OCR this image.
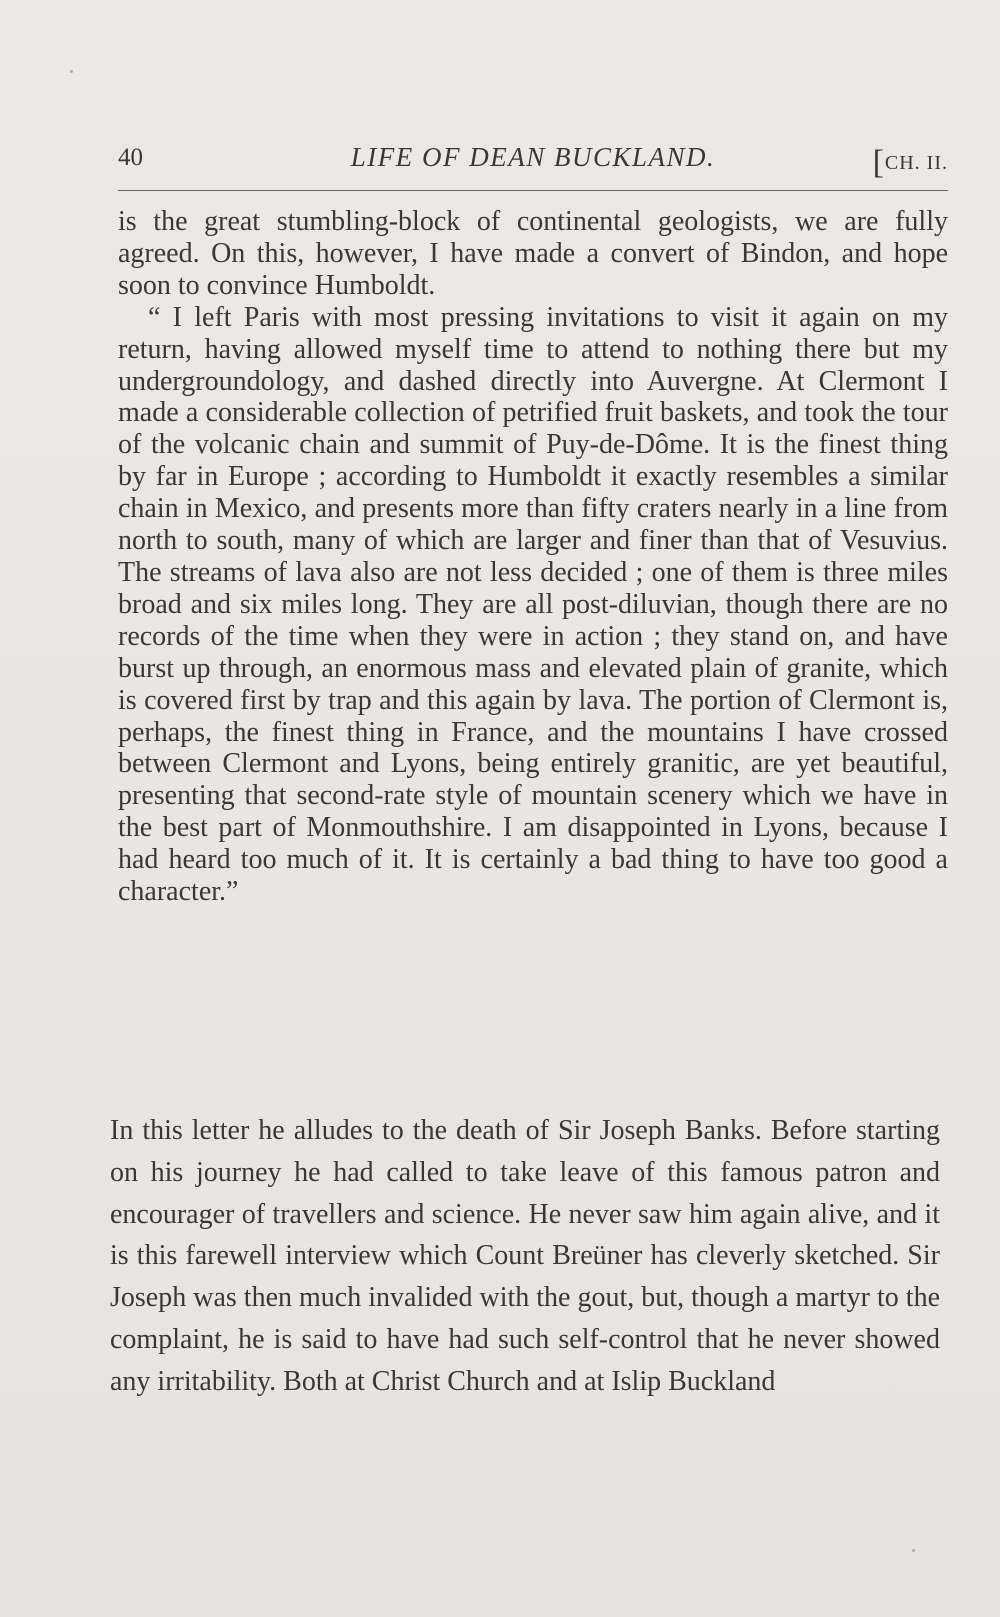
40	LIFE OF DEAN BUCKLAND.	[CH. II.

is the great stumbling-block of continental geologists, we are fully agreed. On this, however, I have made a convert of Bindon, and hope soon to convince Humboldt.

“ I left Paris with most pressing invitations to visit it again on my return, having allowed myself time to attend to nothing there but my undergroundology, and dashed directly into Auvergne. At Clermont I made a considerable collection of petrified fruit baskets, and took the tour of the volcanic chain and summit of Puy-de-Dôme. It is the finest thing by far in Europe ; according to Humboldt it exactly resembles a similar chain in Mexico, and presents more than fifty craters nearly in a line from north to south, many of which are larger and finer than that of Vesuvius. The streams of lava also are not less decided ; one of them is three miles broad and six miles long. They are all post-diluvian, though there are no records of the time when they were in action ; they stand on, and have burst up through, an enormous mass and elevated plain of granite, which is covered first by trap and this again by lava. The portion of Clermont is, perhaps, the finest thing in France, and the mountains I have crossed between Clermont and Lyons, being entirely granitic, are yet beautiful, presenting that second-rate style of mountain scenery which we have in the best part of Monmouthshire. I am disappointed in Lyons, because I had heard too much of it. It is certainly a bad thing to have too good a character.”

In this letter he alludes to the death of Sir Joseph Banks. Before starting on his journey he had called to take leave of this famous patron and encourager of travellers and science. He never saw him again alive, and it is this farewell interview which Count Breüner has cleverly sketched. Sir Joseph was then much invalided with the gout, but, though a martyr to the complaint, he is said to have had such self-control that he never showed any irritability. Both at Christ Church and at Islip Buckland
